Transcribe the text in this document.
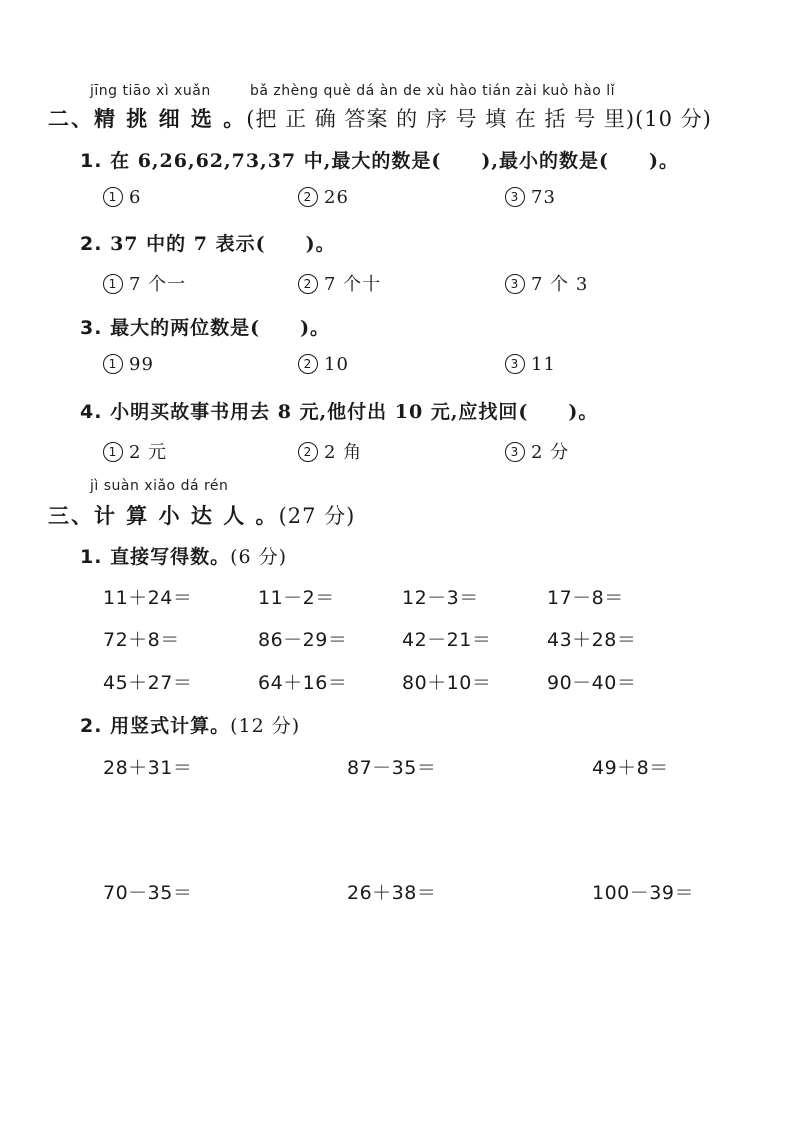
jīng tiāo xì xuǎn	bǎ zhèng què dá àn de xù hào tián zài kuò hào lǐ
二、精 挑 细 选 。(把 正 确 答案 的 序 号 填 在 括 号 里)(10 分)
1. 在 6,26,62,73,37 中,最大的数是(　　),最小的数是(　　)。
1 6	2 26	3 73
2. 37 中的 7 表示(　　)。
1 7 个一	2 7 个十	3 7 个 3
3. 最大的两位数是(　　)。
1 99	2 10	3 11
4. 小明买故事书用去 8 元,他付出 10 元,应找回(　　)。
1 2 元	2 2 角	3 2 分
jì suàn xiǎo dá rén
三、计 算 小 达 人 。(27 分)
1. 直接写得数。(6 分)
11＋24＝	11－2＝	12－3＝	17－8＝
72＋8＝	86－29＝	42－21＝	43＋28＝
45＋27＝	64＋16＝	80＋10＝	90－40＝
2. 用竖式计算。(12 分)
28＋31＝	87－35＝	49＋8＝
70－35＝	26＋38＝	100－39＝
